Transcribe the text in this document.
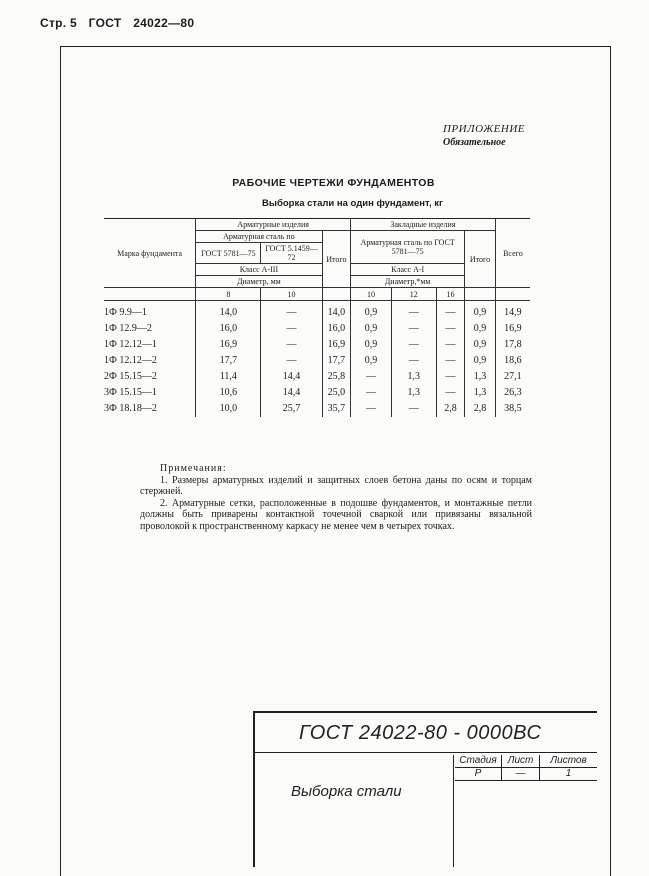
Стр. 5 ГОСТ 24022—80
ПРИЛОЖЕНИЕ
Обязательное
РАБОЧИЕ ЧЕРТЕЖИ ФУНДАМЕНТОВ
Выборка стали на один фундамент, кг
Марка фундамента	Арматурные изделия			Закладные изделия				Всего
	Арматурная сталь по		Итого	Арматурная сталь по ГОСТ 5781—75			Итого	
	ГОСТ 5781—75	ГОСТ 5.1459—72						
	Класс А-III			Класс А-I				
	Диаметр, мм			Диаметр,*мм				
	8	10		10	12	16		
1Ф 9.9—1	14,0	—	14,0	0,9	—	—	0,9	14,9
1Ф 12.9—2	16,0	—	16,0	0,9	—	—	0,9	16,9
1Ф 12.12—1	16,9	—	16,9	0,9	—	—	0,9	17,8
1Ф 12.12—2	17,7	—	17,7	0,9	—	—	0,9	18,6
2Ф 15.15—2	11,4	14,4	25,8	—	1,3	—	1,3	27,1
3Ф 15.15—1	10,6	14,4	25,0	—	1,3	—	1,3	26,3
3Ф 18.18—2	10,0	25,7	35,7	—	—	2,8	2,8	38,5
Примечания:

1. Размеры арматурных изделий и защитных слоев бетона даны по осям и торцам стержней.

2. Арматурные сетки, расположенные в подошве фундаментов, и монтажные петли должны быть приварены контактной точечной сваркой или привязаны вязальной проволокой к пространственному каркасу не менее чем в четырех точках.

ГОСТ 24022-80 - 0000ВС
Выборка стали
Стадия	Лист	Листов
Р	—	1
